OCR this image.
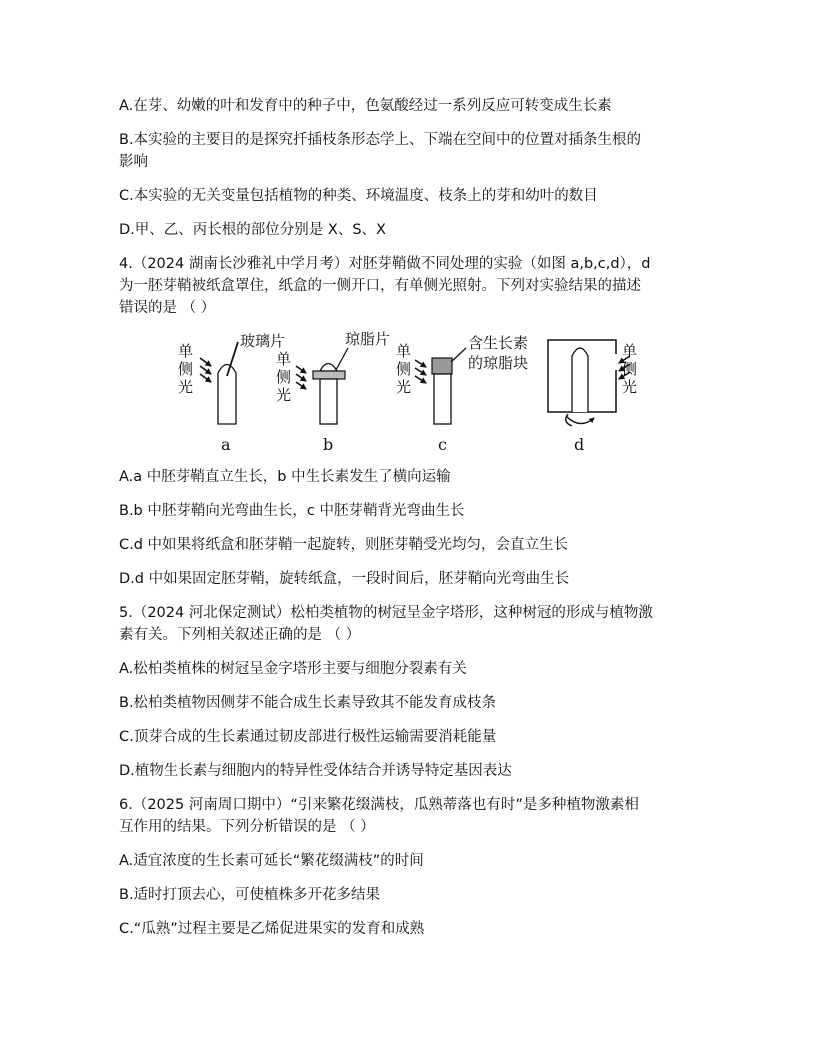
A.在芽、幼嫩的叶和发育中的种子中，色氨酸经过一系列反应可转变成生长素
B.本实验的主要目的是探究扦插枝条形态学上、下端在空间中的位置对插条生根的
影响
C.本实验的无关变量包括植物的种类、环境温度、枝条上的芽和幼叶的数目
D.甲、乙、丙长根的部位分别是 X、S、X
4.（2024 湖南长沙雅礼中学月考）对胚芽鞘做不同处理的实验（如图 a,b,c,d），d
为一胚芽鞘被纸盒罩住，纸盒的一侧开口，有单侧光照射。下列对实验结果的描述
错误的是 （ ）
单
侧
光
玻璃片
a
单
侧
光
琼脂片
b
单
侧
光
含生长素
的琼脂块
c
单
侧
光
d
A.a 中胚芽鞘直立生长，b 中生长素发生了横向运输
B.b 中胚芽鞘向光弯曲生长，c 中胚芽鞘背光弯曲生长
C.d 中如果将纸盒和胚芽鞘一起旋转，则胚芽鞘受光均匀，会直立生长
D.d 中如果固定胚芽鞘，旋转纸盒，一段时间后，胚芽鞘向光弯曲生长
5.（2024 河北保定测试）松柏类植物的树冠呈金字塔形，这种树冠的形成与植物激
素有关。下列相关叙述正确的是 （ ）
A.松柏类植株的树冠呈金字塔形主要与细胞分裂素有关
B.松柏类植物因侧芽不能合成生长素导致其不能发育成枝条
C.顶芽合成的生长素通过韧皮部进行极性运输需要消耗能量
D.植物生长素与细胞内的特异性受体结合并诱导特定基因表达
6.（2025 河南周口期中）“引来繁花缀满枝，瓜熟蒂落也有时”是多种植物激素相
互作用的结果。下列分析错误的是 （ ）
A.适宜浓度的生长素可延长“繁花缀满枝”的时间
B.适时打顶去心，可使植株多开花多结果
C.“瓜熟”过程主要是乙烯促进果实的发育和成熟
